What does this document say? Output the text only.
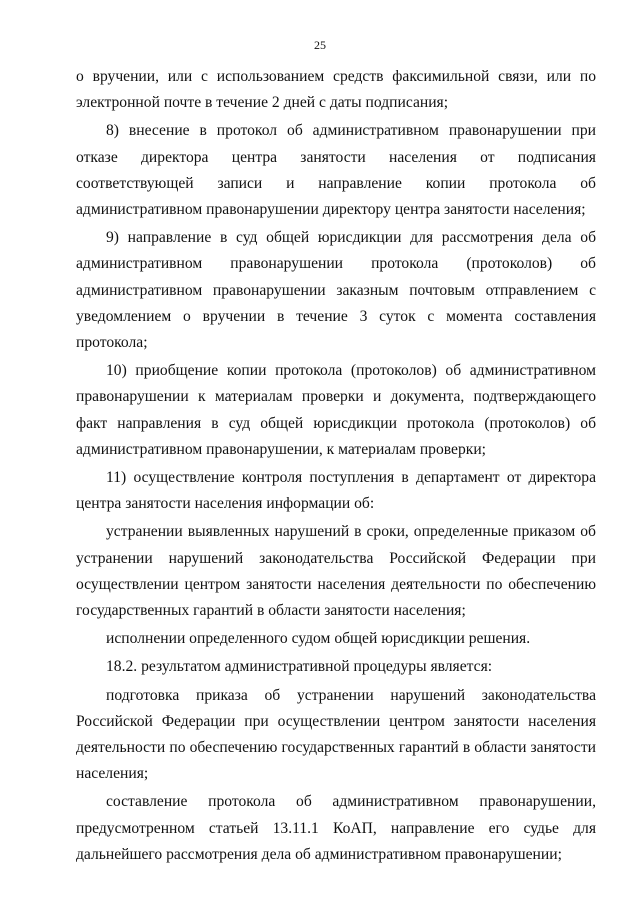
25

о вручении, или с использованием средств факсимильной связи, или по электронной почте в течение 2 дней с даты подписания;

8) внесение в протокол об административном правонарушении при отказе директора центра занятости населения от подписания соответствующей записи и направление копии протокола об административном правонарушении директору центра занятости населения;

9) направление в суд общей юрисдикции для рассмотрения дела об административном правонарушении протокола (протоколов) об административном правонарушении заказным почтовым отправлением с уведомлением о вручении в течение 3 суток с момента составления протокола;

10) приобщение копии протокола (протоколов) об административном правонарушении к материалам проверки и документа, подтверждающего факт направления в суд общей юрисдикции протокола (протоколов) об административном правонарушении, к материалам проверки;

11) осуществление контроля поступления в департамент от директора центра занятости населения информации об:

устранении выявленных нарушений в сроки, определенные приказом об устранении нарушений законодательства Российской Федерации при осуществлении центром занятости населения деятельности по обеспечению государственных гарантий в области занятости населения;

исполнении определенного судом общей юрисдикции решения.

18.2. результатом административной процедуры является:

подготовка приказа об устранении нарушений законодательства Российской Федерации при осуществлении центром занятости населения деятельности по обеспечению государственных гарантий в области занятости населения;

составление протокола об административном правонарушении, предусмотренном статьей 13.11.1 КоАП, направление его судье для дальнейшего рассмотрения дела об административном правонарушении;
